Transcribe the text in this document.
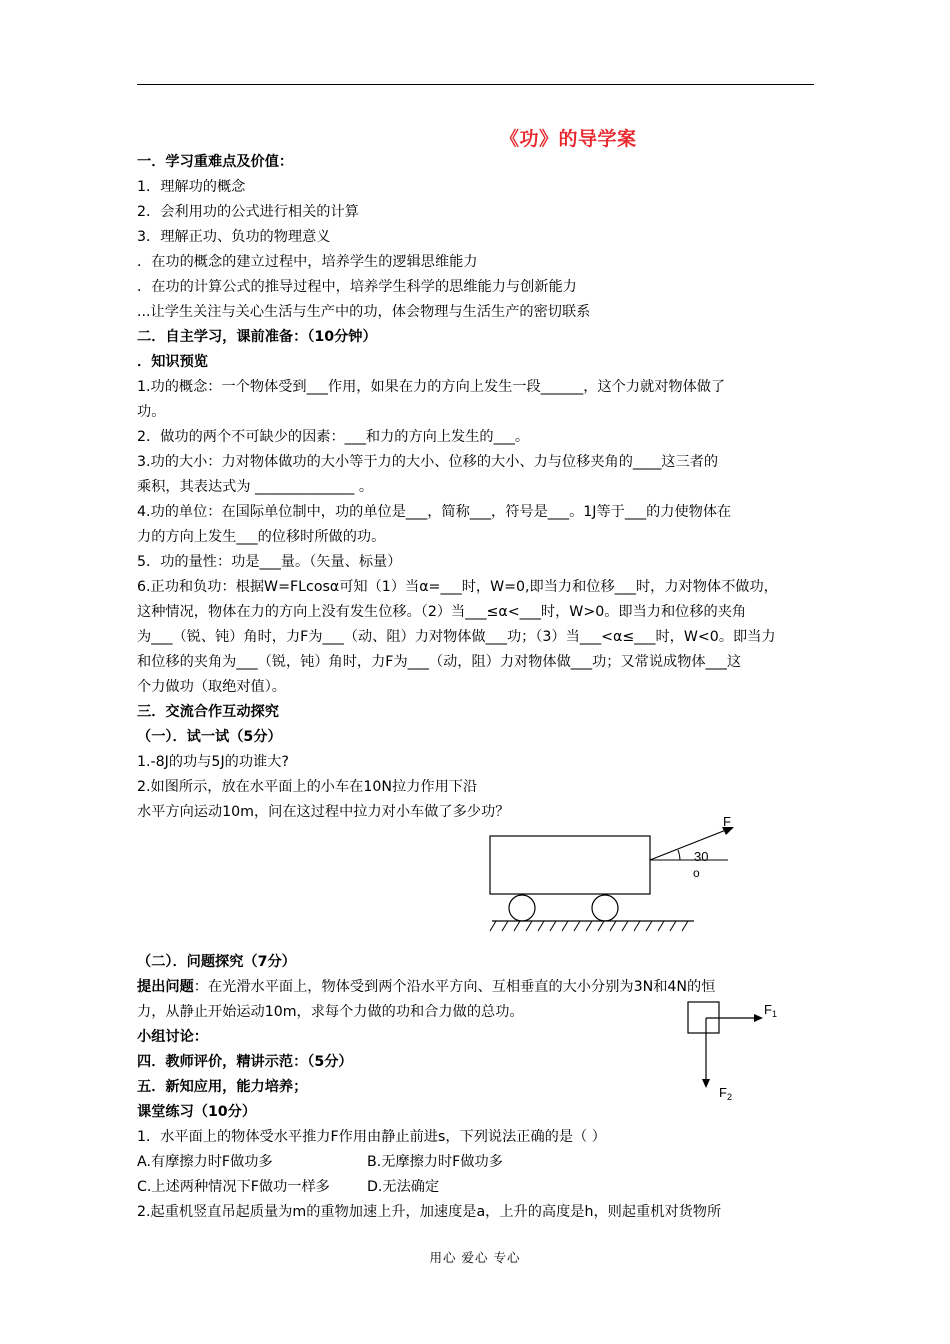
《功》的导学案
一．学习重难点及价值：
1．理解功的概念
2．会利用功的公式进行相关的计算
3．理解正功、负功的物理意义
．在功的概念的建立过程中，培养学生的逻辑思维能力
．在功的计算公式的推导过程中，培养学生科学的思维能力与创新能力
...让学生关注与关心生活与生产中的功，体会物理与生活生产的密切联系
二．自主学习，课前准备：（10分钟）
．知识预览
1.功的概念：一个物体受到___作用，如果在力的方向上发生一段______，这个力就对物体做了
功。
2．做功的两个不可缺少的因素：___和力的方向上发生的___。
3.功的大小：力对物体做功的大小等于力的大小、位移的大小、力与位移夹角的____这三者的
乘积，其表达式为 ______________ 。
4.功的单位：在国际单位制中，功的单位是___，简称___，符号是___。1J等于___的力使物体在
力的方向上发生___的位移时所做的功。
5．功的量性：功是___量。（矢量、标量）
6.正功和负功：根据W=FLcosα可知（1）当α=___时，W=0,即当力和位移___时，力对物体不做功，
这种情况，物体在力的方向上没有发生位移。（2）当___≤α<___时，W>0。即当力和位移的夹角
为___（锐、钝）角时，力F为___（动、阻）力对物体做___功；（3）当___<α≤___时，W<0。即当力
和位移的夹角为___（锐，钝）角时，力F为___（动，阻）力对物体做___功；又常说成物体___这
个力做功（取绝对值）。
三．交流合作互动探究
（一）．试一试（5分）
1.-8J的功与5J的功谁大?
2.如图所示，放在水平面上的小车在10N拉力作用下沿
水平方向运动10m，问在这过程中拉力对小车做了多少功？
（二）．问题探究（7分）
提出问题：在光滑水平面上，物体受到两个沿水平方向、互相垂直的大小分别为3N和4N的恒
力，从静止开始运动10m，求每个力做的功和合力做的总功。
小组讨论：
四．教师评价，精讲示范：（5分）
五．新知应用，能力培养；
课堂练习（10分）
1．水平面上的物体受水平推力F作用由静止前进s，下列说法正确的是（ ）
A.有摩擦力时F做功多	B.无摩擦力时F做功多
C.上述两种情况下F做功一样多	D.无法确定
2.起重机竖直吊起质量为m的重物加速上升，加速度是a，上升的高度是h，则起重机对货物所
F
30
o
$F_1$
$F_2$
用心 爱心 专心
